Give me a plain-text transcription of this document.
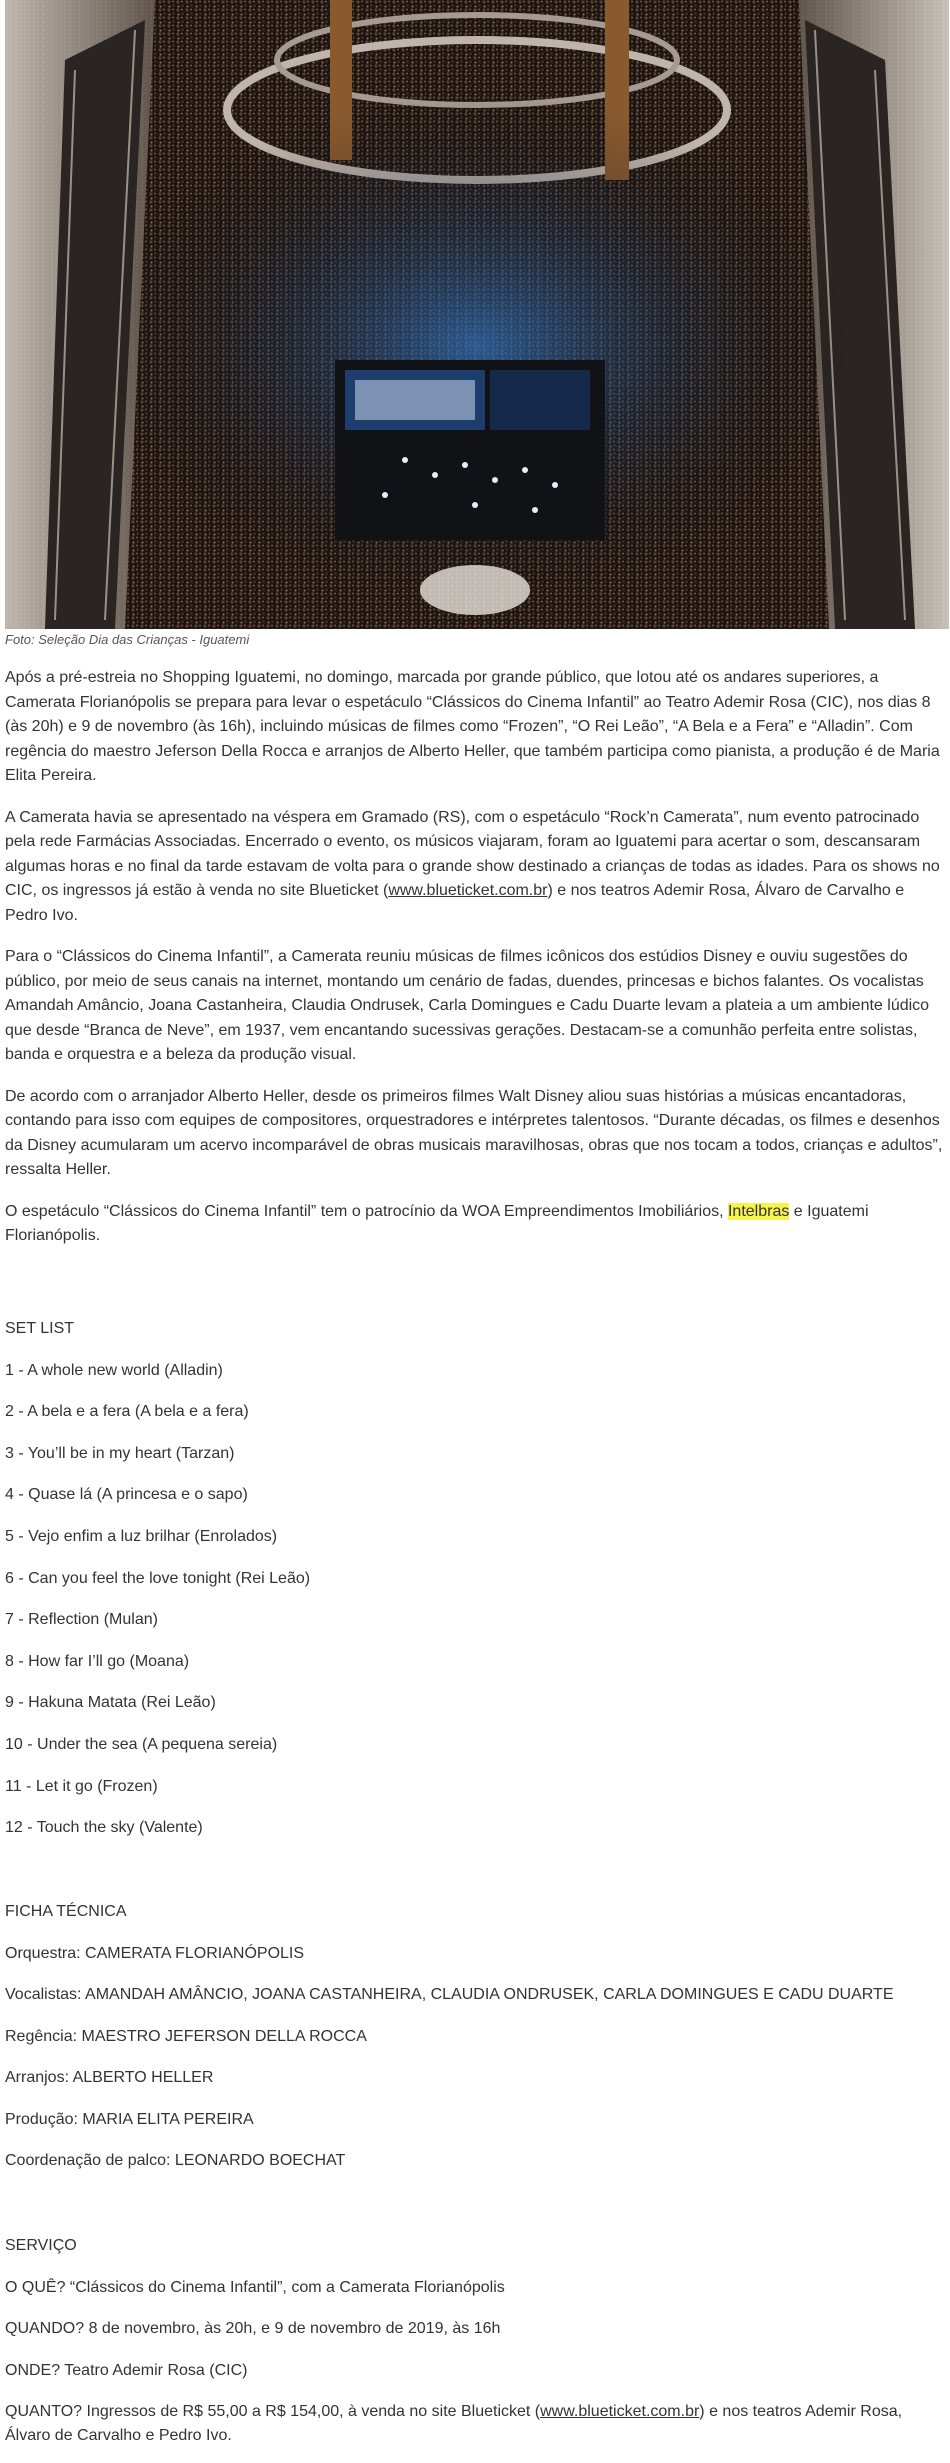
Foto: Seleção Dia das Crianças - Iguatemi

Após a pré-estreia no Shopping Iguatemi, no domingo, marcada por grande público, que lotou até os andares superiores, a Camerata Florianópolis se prepara para levar o espetáculo “Clássicos do Cinema Infantil” ao Teatro Ademir Rosa (CIC), nos dias 8 (às 20h) e 9 de novembro (às 16h), incluindo músicas de filmes como “Frozen”, “O Rei Leão”, “A Bela e a Fera” e “Alladin”. Com regência do maestro Jeferson Della Rocca e arranjos de Alberto Heller, que também participa como pianista, a produção é de Maria Elita Pereira.

A Camerata havia se apresentado na véspera em Gramado (RS), com o espetáculo “Rock’n Camerata”, num evento patrocinado pela rede Farmácias Associadas. Encerrado o evento, os músicos viajaram, foram ao Iguatemi para acertar o som, descansaram algumas horas e no final da tarde estavam de volta para o grande show destinado a crianças de todas as idades. Para os shows no CIC, os ingressos já estão à venda no site Blueticket (www.blueticket.com.br) e nos teatros Ademir Rosa, Álvaro de Carvalho e Pedro Ivo.

Para o “Clássicos do Cinema Infantil”, a Camerata reuniu músicas de filmes icônicos dos estúdios Disney e ouviu sugestões do público, por meio de seus canais na internet, montando um cenário de fadas, duendes, princesas e bichos falantes. Os vocalistas Amandah Amâncio, Joana Castanheira, Claudia Ondrusek, Carla Domingues e Cadu Duarte levam a plateia a um ambiente lúdico que desde “Branca de Neve”, em 1937, vem encantando sucessivas gerações. Destacam-se a comunhão perfeita entre solistas, banda e orquestra e a beleza da produção visual.

De acordo com o arranjador Alberto Heller, desde os primeiros filmes Walt Disney aliou suas histórias a músicas encantadoras, contando para isso com equipes de compositores, orquestradores e intérpretes talentosos. “Durante décadas, os filmes e desenhos da Disney acumularam um acervo incomparável de obras musicais maravilhosas, obras que nos tocam a todos, crianças e adultos”, ressalta Heller.

O espetáculo “Clássicos do Cinema Infantil” tem o patrocínio da WOA Empreendimentos Imobiliários, Intelbras e Iguatemi Florianópolis.

SET LIST

1 - A whole new world (Alladin)

2 - A bela e a fera (A bela e a fera)

3 - You’ll be in my heart (Tarzan)

4 - Quase lá (A princesa e o sapo)

5 - Vejo enfim a luz brilhar (Enrolados)

6 - Can you feel the love tonight (Rei Leão)

7 - Reflection (Mulan)

8 - How far I’ll go (Moana)

9 - Hakuna Matata (Rei Leão)

10 - Under the sea (A pequena sereia)

11 - Let it go (Frozen)

12 - Touch the sky (Valente)

FICHA TÉCNICA

Orquestra: CAMERATA FLORIANÓPOLIS

Vocalistas: AMANDAH AMÂNCIO, JOANA CASTANHEIRA, CLAUDIA ONDRUSEK, CARLA DOMINGUES E CADU DUARTE

Regência: MAESTRO JEFERSON DELLA ROCCA

Arranjos: ALBERTO HELLER

Produção: MARIA ELITA PEREIRA

Coordenação de palco: LEONARDO BOECHAT

SERVIÇO

O QUÊ? “Clássicos do Cinema Infantil”, com a Camerata Florianópolis

QUANDO? 8 de novembro, às 20h, e 9 de novembro de 2019, às 16h

ONDE? Teatro Ademir Rosa (CIC)

QUANTO? Ingressos de R$ 55,00 a R$ 154,00, à venda no site Blueticket (www.blueticket.com.br) e nos teatros Ademir Rosa, Álvaro de Carvalho e Pedro Ivo.
